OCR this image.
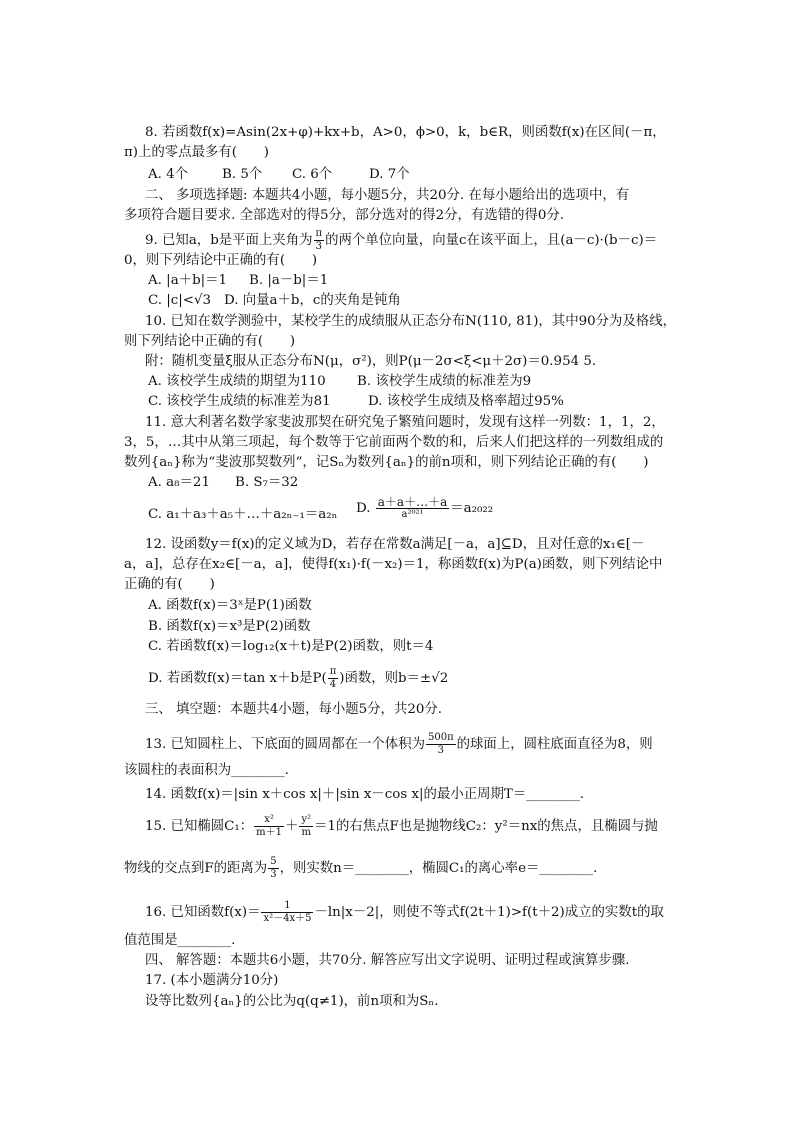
8. 若函数f(x)=Asin(2x+φ)+kx+b，A>0，ϕ>0，k，b∈R，则函数f(x)在区间(－π，
π)上的零点最多有(　　)
A. 4个	B. 5个 C. 6个	D. 7个
二、 多项选择题: 本题共4小题，每小题5分，共20分. 在每小题给出的选项中，有
多项符合题目要求. 全部选对的得5分，部分选对的得2分，有选错的得0分.
9. 已知a，b是平面上夹角为 $\frac{\pi}{3}$ 的两个单位向量，向量c在该平面上，且(a－c)·(b－c)＝
0，则下列结论中正确的有(　　)
A. |a＋b|＝1 B. |a－b|＝1
C. |c|<√3 D. 向量a＋b，c的夹角是钝角
10. 已知在数学测验中，某校学生的成绩服从正态分布N(110, 81)，其中90分为及格线，
则下列结论中正确的有(　　)
附：随机变量ξ服从正态分布N(μ，σ²)，则P(μ－2σ<ξ<μ＋2σ)＝0.954 5.
A. 该校学生成绩的期望为110 B. 该校学生成绩的标准差为9
C. 该校学生成绩的标准差为81	D. 该校学生成绩及格率超过95%
11. 意大利著名数学家斐波那契在研究兔子繁殖问题时，发现有这样一列数：1，1，2，
3，5，…其中从第三项起，每个数等于它前面两个数的和，后来人们把这样的一列数组成的
数列{aₙ}称为“斐波那契数列”，记Sₙ为数列{aₙ}的前n项和，则下列结论正确的有(　　)
A. a₈＝21 B. S₇＝32
C. a₁＋a₃＋a₅＋…＋a₂ₙ₋₁＝a₂ₙ D. $\frac{a+a+\dots+a}{\text{a²⁰²¹}} =a_{2022}$
12. 设函数y＝f(x)的定义域为D，若存在常数a满足[－a，a]⊆D，且对任意的x₁∈[－
a，a]，总存在x₂∈[－a，a]，使得f(x₁)·f(－x₂)＝1，称函数f(x)为P(a)函数，则下列结论中
正确的有(　　)
A. 函数f(x)＝3ˣ是P(1)函数
B. 函数f(x)＝x³是P(2)函数
C. 若函数f(x)＝log₁₂(x＋t)是P(2)函数，则t＝4
D. 若函数f(x)＝tan x＋b是$P( \frac{\pi}{4}$ )函数，则b＝±√2
三、 填空题：本题共4小题，每小题5分，共20分.
13. 已知圆柱上、下底面的圆周都在一个体积为 $\frac{500\pi}{3}$ 的球面上，圆柱底面直径为8，则
该圆柱的表面积为________.
14. 函数f(x)＝|sin x＋cos x|＋|sin x－cos x|的最小正周期T＝________.
15. 已知椭圆C₁： $\frac{\text{x²}}{m+1} + \frac{\text{y²}}{m} =1$的右焦点F也是抛物线C₂：y²＝nx的焦点，且椭圆与抛
物线的交点到F的距离为 $\frac{5}{3}$ ，则实数n＝________，椭圆C₁的离心率e＝________.
16. 已知函数$f(x)= \frac{1}{\text{x²－4x＋5}} -\ln|x-2|$，则使不等式f(2t＋1)>f(t＋2)成立的实数t的取
值范围是________.
四、 解答题：本题共6小题，共70分. 解答应写出文字说明、证明过程或演算步骤.
17. (本小题满分10分)
设等比数列{aₙ}的公比为q(q≠1)，前n项和为Sₙ.
